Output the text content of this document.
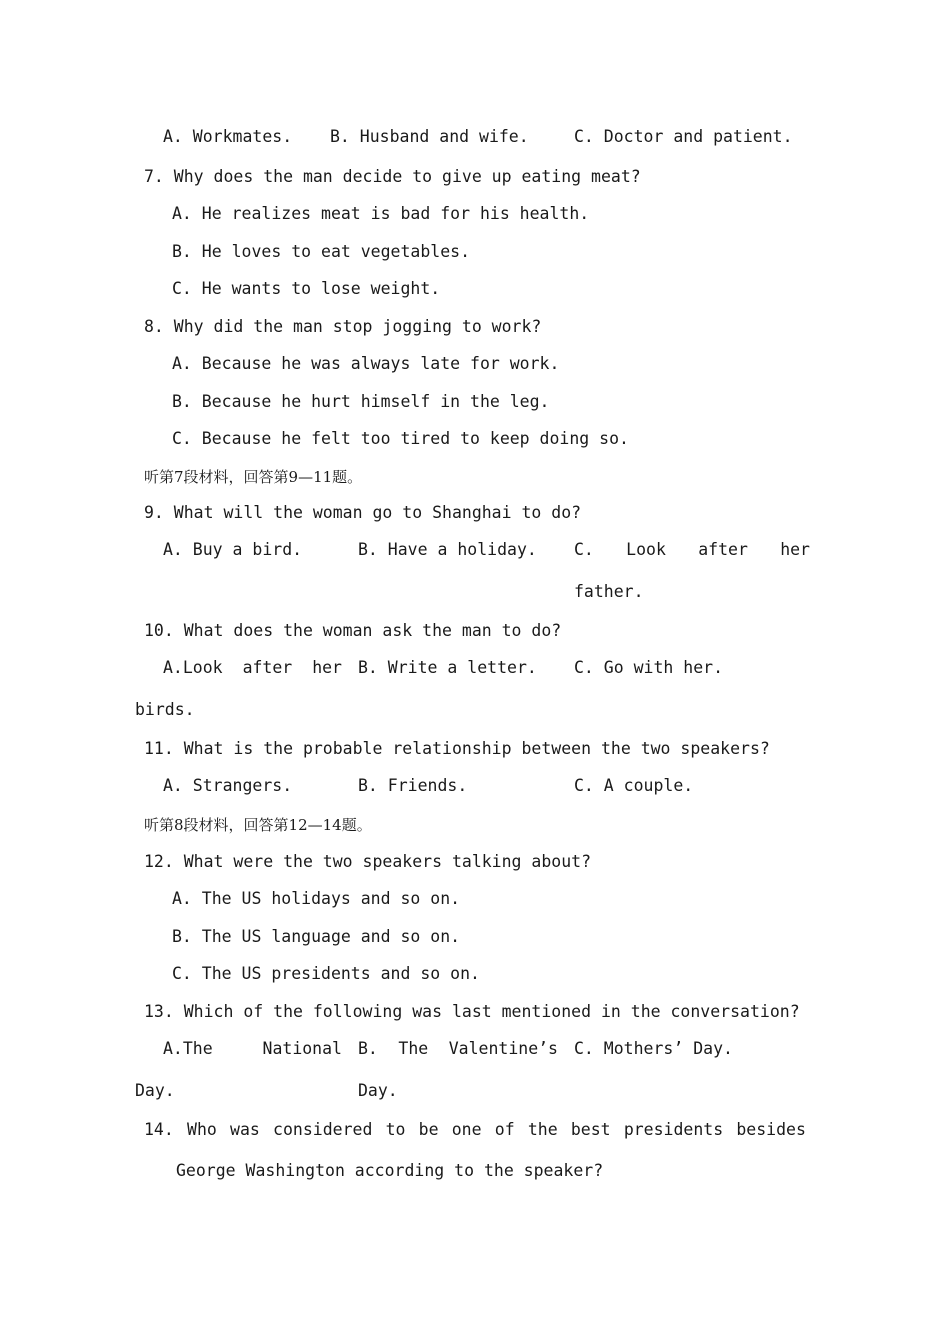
A. Workmates. B. Husband and wife.	C. Doctor and patient.
7. Why does the man decide to give up eating meat?
A. He realizes meat is bad for his health.
B. He loves to eat vegetables.
C. He wants to lose weight.
8. Why did the man stop jogging to work?
A. Because he was always late for work.
B. Because he hurt himself in the leg.
C. Because he felt too tired to keep doing so.
听第7段材料，回答第9—11题。
9. What will the woman go to Shanghai to do?
A. Buy a bird.	B. Have a holiday. C. Look after her
father.
10. What does the woman ask the man to do?
A.Look after her B. Write a letter. C. Go with her.
birds.
11. What is the probable relationship between the two speakers?
A. Strangers.	B. Friends.	C. A couple.
听第8段材料，回答第12—14题。
12. What were the two speakers talking about?
A. The US holidays and so on.
B. The US language and so on.
C. The US presidents and so on.
13. Which of the following was last mentioned in the conversation?
A.The	National B. The Valentine’s C. Mothers’ Day.
Day.	Day.
14. Who was considered to be one of the best presidents besides
George Washington according to the speaker?
